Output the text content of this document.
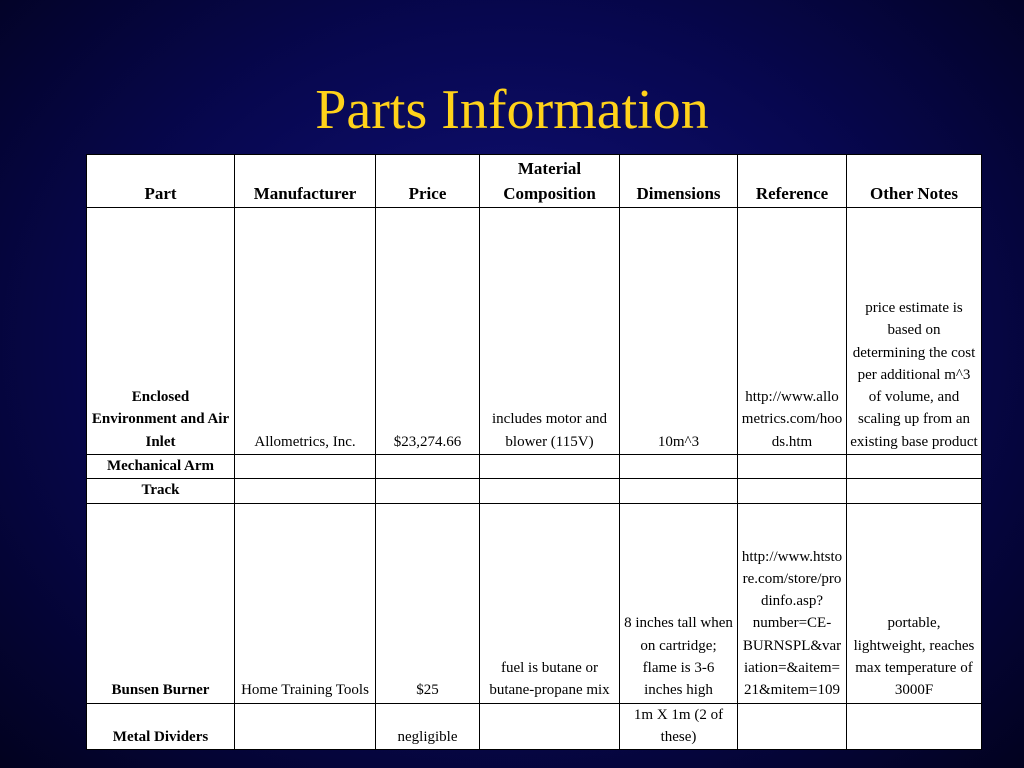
Parts Information
Part	Manufacturer	Price	Material Composition	Dimensions	Reference	Other Notes
Enclosed Environment and Air Inlet	Allometrics, Inc.	$23,274.66	includes motor and blower (115V)	10m^3	http://www.allometrics.com/hoods.htm	price estimate is based on determining the cost per additional m^3 of volume, and scaling up from an existing base product
Mechanical Arm						
Track						
Bunsen Burner	Home Training Tools	$25	fuel is butane or butane-propane mix	8 inches tall when on cartridge; flame is 3-6 inches high	http://www.htstore.com/store/prodinfo.asp?number=CE-BURNSPL&variation=&aitem=21&mitem=109	portable, lightweight, reaches max temperature of 3000F
Metal Dividers		negligible		1m X 1m (2 of these)		
